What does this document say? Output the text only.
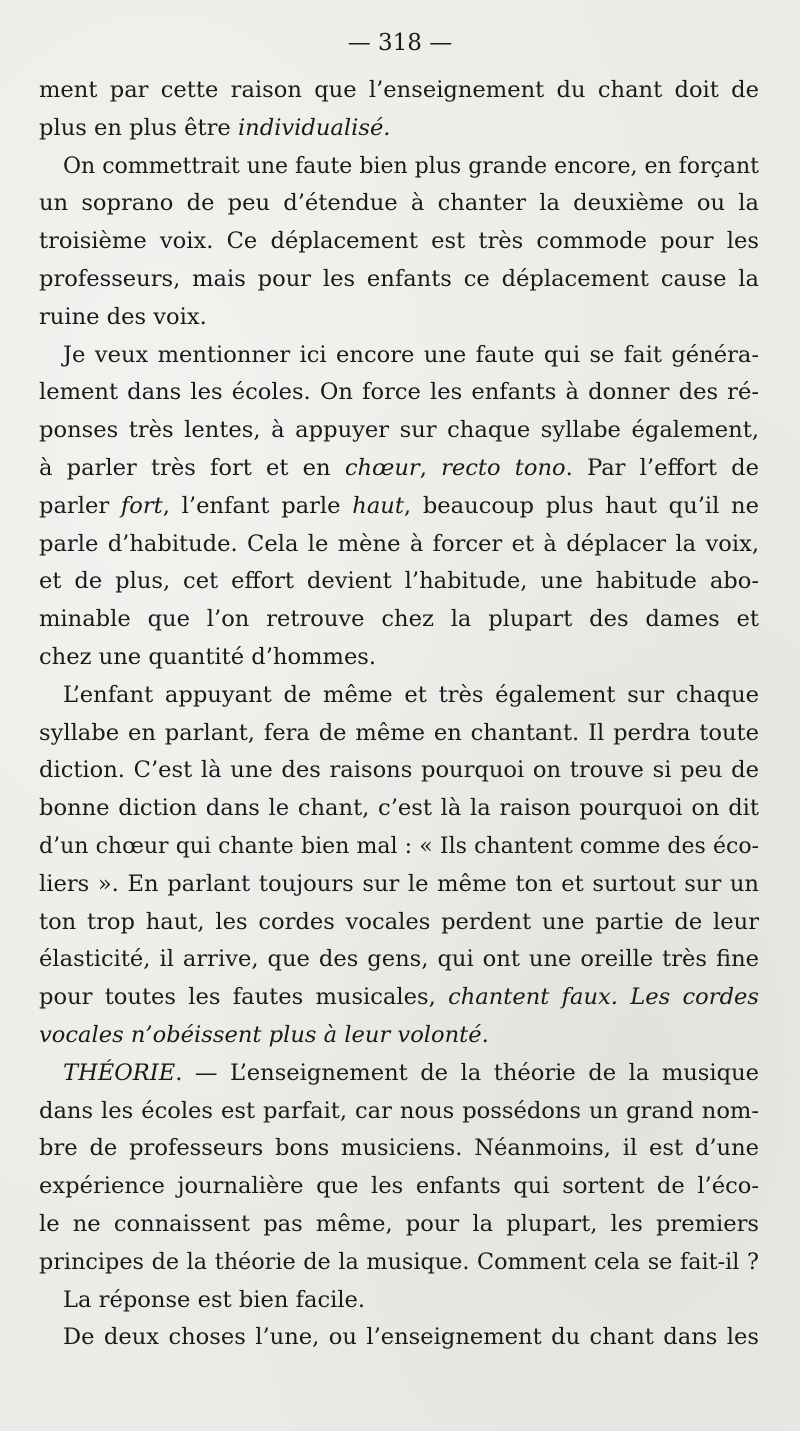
— 318 —
ment par cette raison que l’enseignement du chant doit de
plus en plus être individualisé.
On commettrait une faute bien plus grande encore, en forçant
un soprano de peu d’étendue à chanter la deuxième ou la
troisième voix. Ce déplacement est très commode pour les
professeurs, mais pour les enfants ce déplacement cause la
ruine des voix.
Je veux mentionner ici encore une faute qui se fait généra-
lement dans les écoles. On force les enfants à donner des ré-
ponses très lentes, à appuyer sur chaque syllabe également,
à parler très fort et en chœur, recto tono. Par l’effort de
parler fort, l’enfant parle haut, beaucoup plus haut qu’il ne
parle d’habitude. Cela le mène à forcer et à déplacer la voix,
et de plus, cet effort devient l’habitude, une habitude abo-
minable que l’on retrouve chez la plupart des dames et
chez une quantité d’hommes.
L’enfant appuyant de même et très également sur chaque
syllabe en parlant, fera de même en chantant. Il perdra toute
diction. C’est là une des raisons pourquoi on trouve si peu de
bonne diction dans le chant, c’est là la raison pourquoi on dit
d’un chœur qui chante bien mal : « Ils chantent comme des éco-
liers ». En parlant toujours sur le même ton et surtout sur un
ton trop haut, les cordes vocales perdent une partie de leur
élasticité, il arrive, que des gens, qui ont une oreille très fine
pour toutes les fautes musicales, chantent faux. Les cordes
vocales n’obéissent plus à leur volonté.
THÉORIE. — L’enseignement de la théorie de la musique
dans les écoles est parfait, car nous possédons un grand nom-
bre de professeurs bons musiciens. Néanmoins, il est d’une
expérience journalière que les enfants qui sortent de l’éco-
le ne connaissent pas même, pour la plupart, les premiers
principes de la théorie de la musique. Comment cela se fait-il ?
La réponse est bien facile.
De deux choses l’une, ou l’enseignement du chant dans les
